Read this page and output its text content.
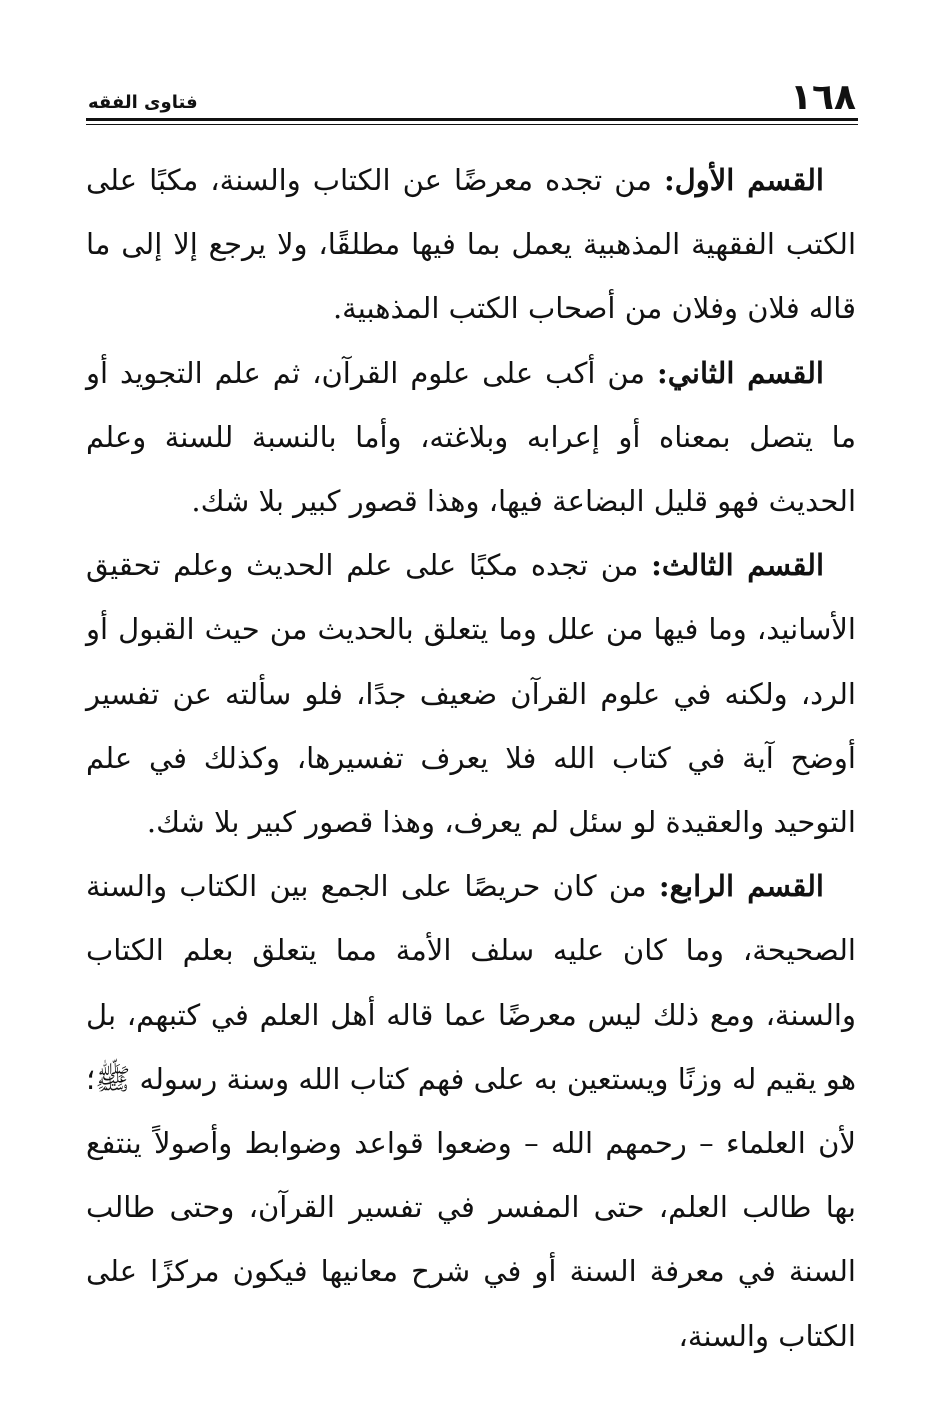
١٦٨
فتاوى الفقه

القسم الأول: من تجده معرضًا عن الكتاب والسنة، مكبًا على الكتب الفقهية المذهبية يعمل بما فيها مطلقًا، ولا يرجع إلا إلى ما قاله فلان وفلان من أصحاب الكتب المذهبية.

القسم الثاني: من أكب على علوم القرآن، ثم علم التجويد أو ما يتصل بمعناه أو إعرابه وبلاغته، وأما بالنسبة للسنة وعلم الحديث فهو قليل البضاعة فيها، وهذا قصور كبير بلا شك.

القسم الثالث: من تجده مكبًا على علم الحديث وعلم تحقيق الأسانيد، وما فيها من علل وما يتعلق بالحديث من حيث القبول أو الرد، ولكنه في علوم القرآن ضعيف جدًا، فلو سألته عن تفسير أوضح آية في كتاب الله فلا يعرف تفسيرها، وكذلك في علم التوحيد والعقيدة لو سئل لم يعرف، وهذا قصور كبير بلا شك.

القسم الرابع: من كان حريصًا على الجمع بين الكتاب والسنة الصحيحة، وما كان عليه سلف الأمة مما يتعلق بعلم الكتاب والسنة، ومع ذلك ليس معرضًا عما قاله أهل العلم في كتبهم، بل هو يقيم له وزنًا ويستعين به على فهم كتاب الله وسنة رسوله ﷺ؛ لأن العلماء – رحمهم الله – وضعوا قواعد وضوابط وأصولاً ينتفع بها طالب العلم، حتى المفسر في تفسير القرآن، وحتى طالب السنة في معرفة السنة أو في شرح معانيها فيكون مركزًا على الكتاب والسنة،
